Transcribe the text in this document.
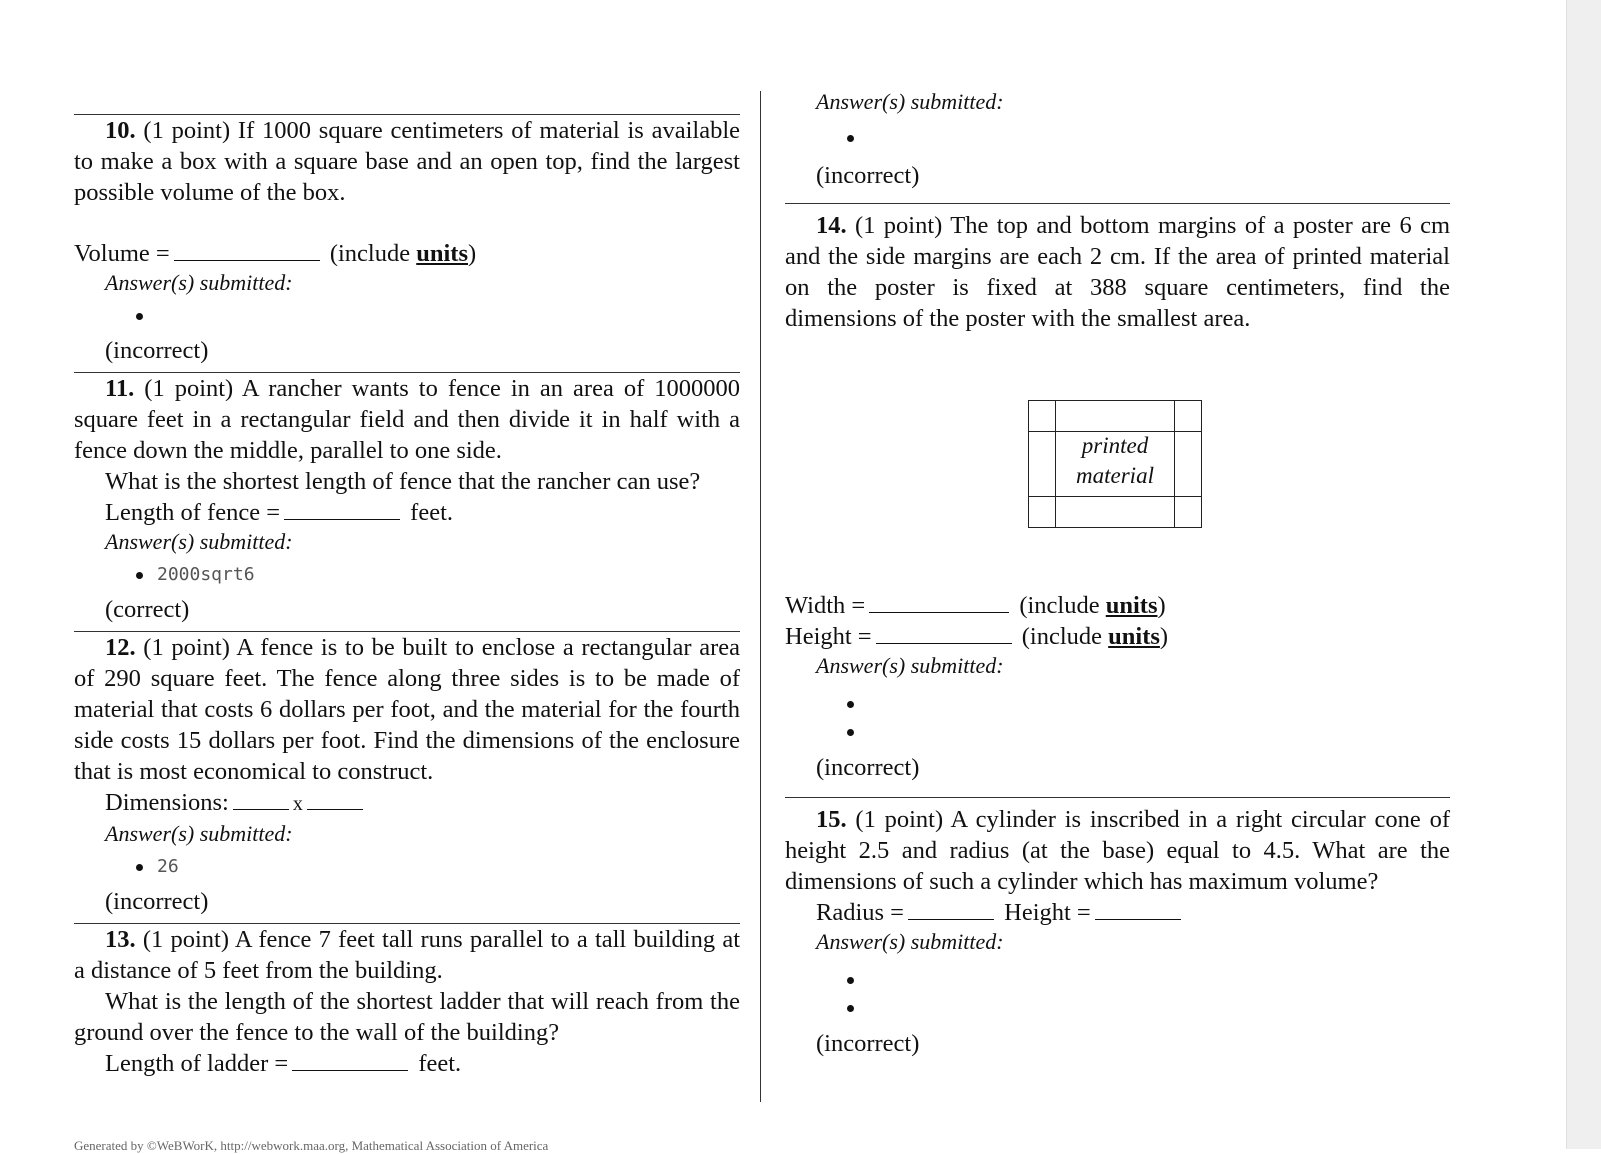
10. (1 point) If 1000 square centimeters of material is available to make a box with a square base and an open top, find the largest possible volume of the box.

Volume =	(include units)
Answer(s) submitted:
(incorrect)

11. (1 point) A rancher wants to fence in an area of 1000000 square feet in a rectangular field and then divide it in half with a fence down the middle, parallel to one side.

What is the shortest length of fence that the rancher can use?

Length of fence =	feet.
Answer(s) submitted:
2000sqrt6
(correct)

12. (1 point) A fence is to be built to enclose a rectangular area of 290 square feet. The fence along three sides is to be made of material that costs 6 dollars per foot, and the material for the fourth side costs 15 dollars per foot. Find the dimensions of the enclosure that is most economical to construct.

Dimensions:	x
Answer(s) submitted:
26
(incorrect)

13. (1 point) A fence 7 feet tall runs parallel to a tall building at a distance of 5 feet from the building.

What is the length of the shortest ladder that will reach from the ground over the fence to the wall of the building?

Length of ladder =	feet.
Answer(s) submitted:
(incorrect)

14. (1 point) The top and bottom margins of a poster are 6 cm and the side margins are each 2 cm. If the area of printed material on the poster is fixed at 388 square centimeters, find the dimensions of the poster with the smallest area.

printed
material
Width =	(include units)
Height =	(include units)
Answer(s) submitted:
(incorrect)

15. (1 point) A cylinder is inscribed in a right circular cone of height 2.5 and radius (at the base) equal to 4.5. What are the dimensions of such a cylinder which has maximum volume?

Radius =	Height =
Answer(s) submitted:
(incorrect)
Generated by ©WeBWorK, http://webwork.maa.org, Mathematical Association of America
